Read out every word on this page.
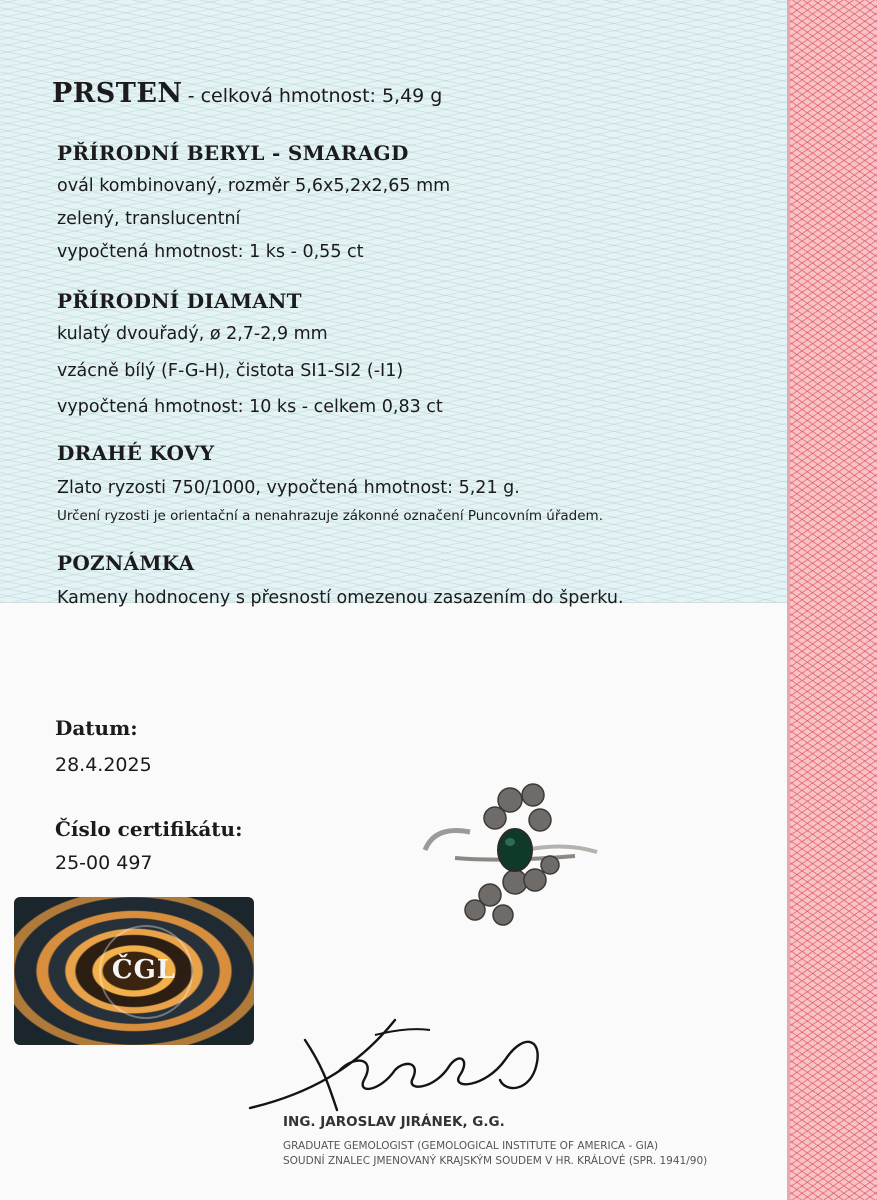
PRSTEN - celková hmotnost: 5,49 g
PŘÍRODNÍ BERYL - SMARAGD
ovál kombinovaný, rozměr 5,6x5,2x2,65 mm
zelený, translucentní
vypočtená hmotnost: 1 ks - 0,55 ct
PŘÍRODNÍ DIAMANT
kulatý dvouřadý, ø 2,7-2,9 mm
vzácně bílý (F-G-H), čistota SI1-SI2 (-I1)
vypočtená hmotnost: 10 ks - celkem 0,83 ct
DRAHÉ KOVY
Zlato ryzosti 750/1000, vypočtená hmotnost: 5,21 g.
Určení ryzosti je orientační a nenahrazuje zákonné označení Puncovním úřadem.
POZNÁMKA
Kameny hodnoceny s přesností omezenou zasazením do šperku.
Datum:
28.4.2025
Číslo certifikátu:
25-00 497
ČGL
ING. JAROSLAV JIRÁNEK, G.G.
GRADUATE GEMOLOGIST (GEMOLOGICAL INSTITUTE OF AMERICA - GIA)
SOUDNÍ ZNALEC JMENOVANÝ KRAJSKÝM SOUDEM V HR. KRÁLOVÉ (SPR. 1941/90)
